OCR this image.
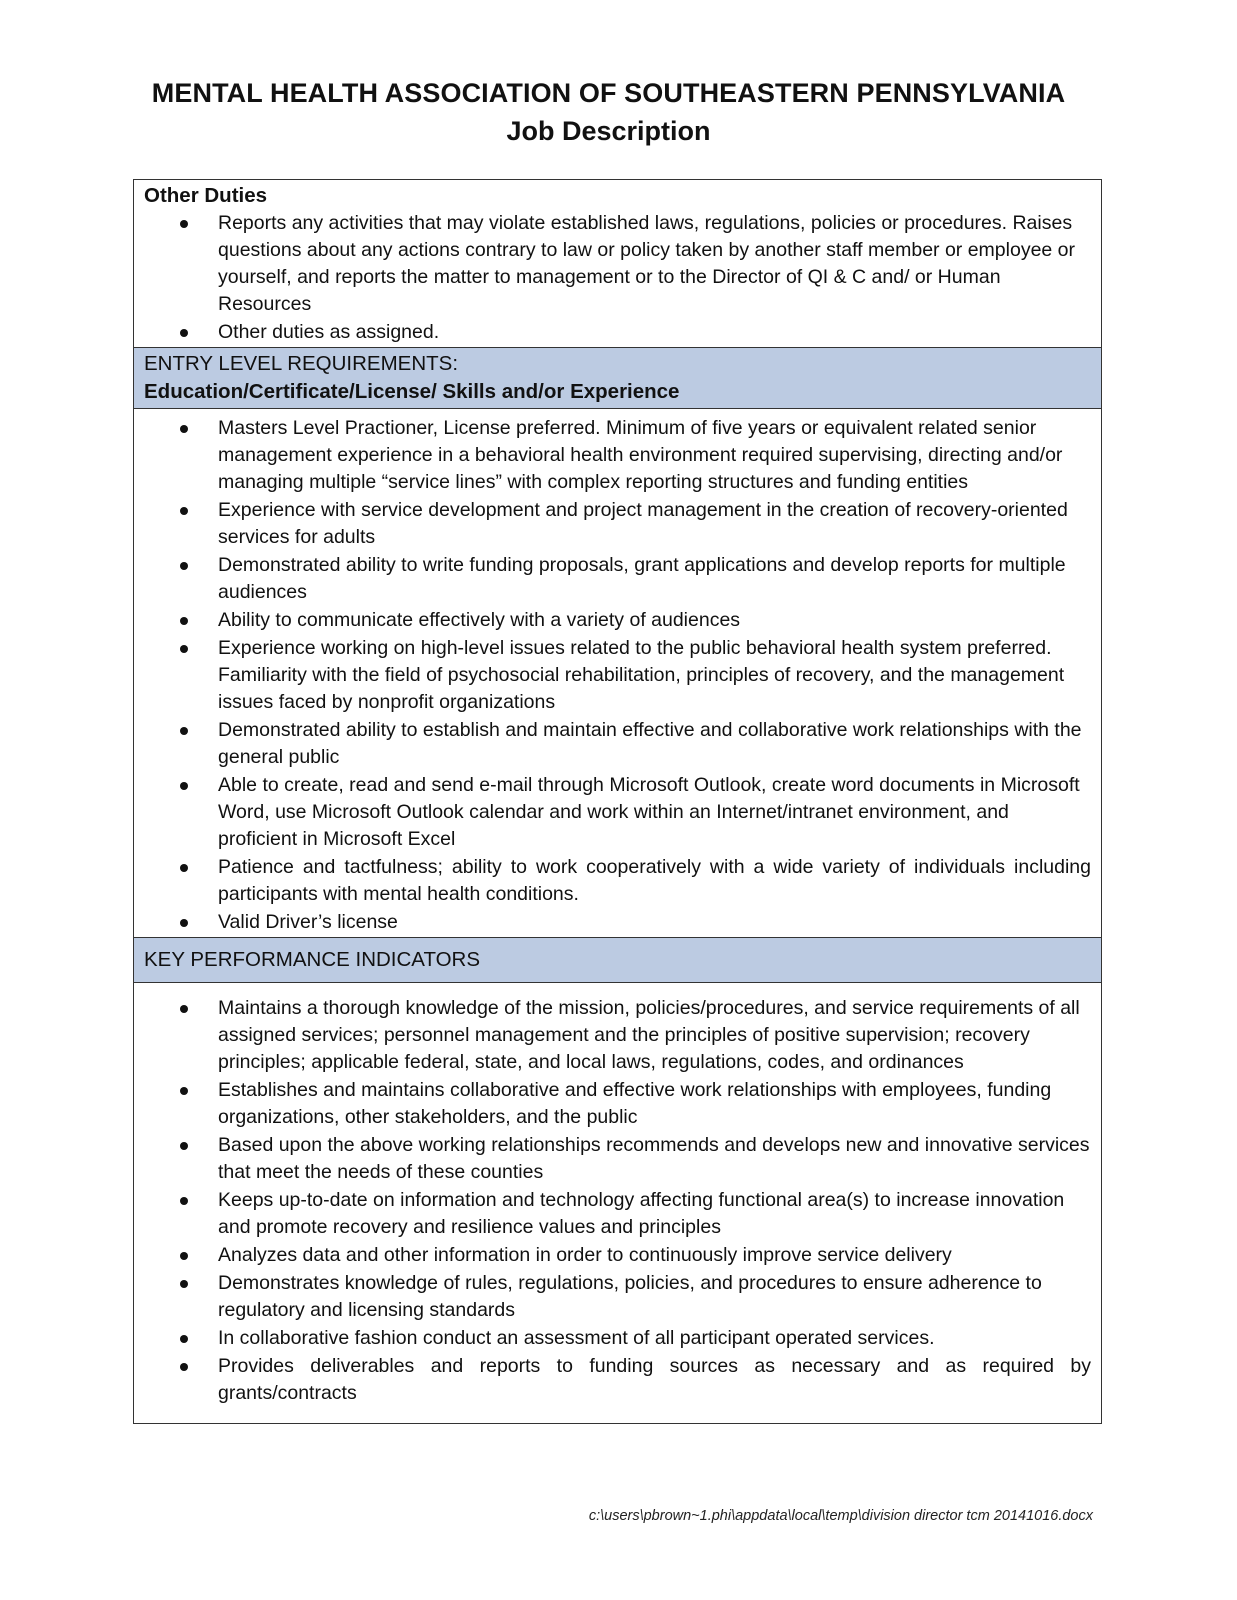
MENTAL HEALTH ASSOCIATION OF SOUTHEASTERN PENNSYLVANIA
Job Description
Other Duties
Reports any activities that may violate established laws, regulations, policies or procedures. Raises questions about any actions contrary to law or policy taken by another staff member or employee or yourself, and reports the matter to management or to the Director of QI & C and/ or Human Resources
Other duties as assigned.
ENTRY LEVEL REQUIREMENTS:
Education/Certificate/License/ Skills and/or Experience
Masters Level Practioner, License preferred. Minimum of five years or equivalent related senior management experience in a behavioral health environment required supervising, directing and/or managing multiple “service lines” with complex reporting structures and funding entities
Experience with service development and project management in the creation of recovery-oriented services for adults
Demonstrated ability to write funding proposals, grant applications and develop reports for multiple audiences
Ability to communicate effectively with a variety of audiences
Experience working on high-level issues related to the public behavioral health system preferred. Familiarity with the field of psychosocial rehabilitation, principles of recovery, and the management issues faced by nonprofit organizations
Demonstrated ability to establish and maintain effective and collaborative work relationships with the general public
Able to create, read and send e-mail through Microsoft Outlook, create word documents in Microsoft Word, use Microsoft Outlook calendar and work within an Internet/intranet environment, and proficient in Microsoft Excel
Patience and tactfulness; ability to work cooperatively with a wide variety of individuals including participants with mental health conditions.
Valid Driver’s license
KEY PERFORMANCE INDICATORS
Maintains a thorough knowledge of the mission, policies/procedures, and service requirements of all assigned services; personnel management and the principles of positive supervision; recovery principles; applicable federal, state, and local laws, regulations, codes, and ordinances
Establishes and maintains collaborative and effective work relationships with employees, funding organizations, other stakeholders, and the public
Based upon the above working relationships recommends and develops new and innovative services that meet the needs of these counties
Keeps up-to-date on information and technology affecting functional area(s) to increase innovation and promote recovery and resilience values and principles
Analyzes data and other information in order to continuously improve service delivery
Demonstrates knowledge of rules, regulations, policies, and procedures to ensure adherence to regulatory and licensing standards
In collaborative fashion conduct an assessment of all participant operated services.
Provides deliverables and reports to funding sources as necessary and as required by grants/contracts
c:\users\pbrown~1.phi\appdata\local\temp\division director tcm 20141016.docx
